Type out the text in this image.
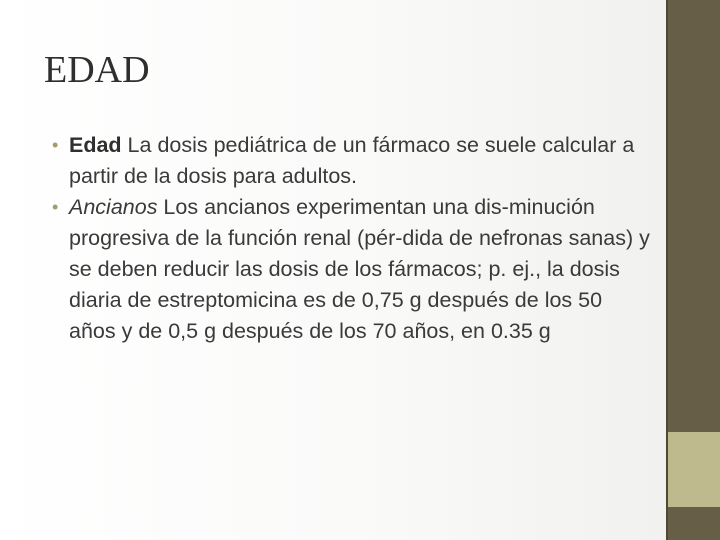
EDAD
• Edad La dosis pediátrica de un fármaco se suele calcular a partir de la dosis para adultos.
• Ancianos Los ancianos experimentan una dis-minución progresiva de la función renal (pér-dida de nefronas sanas) y se deben reducir las dosis de los fármacos; p. ej., la dosis diaria de estreptomicina es de 0,75 g después de los 50 años y de 0,5 g después de los 70 años, en 0.35 g
